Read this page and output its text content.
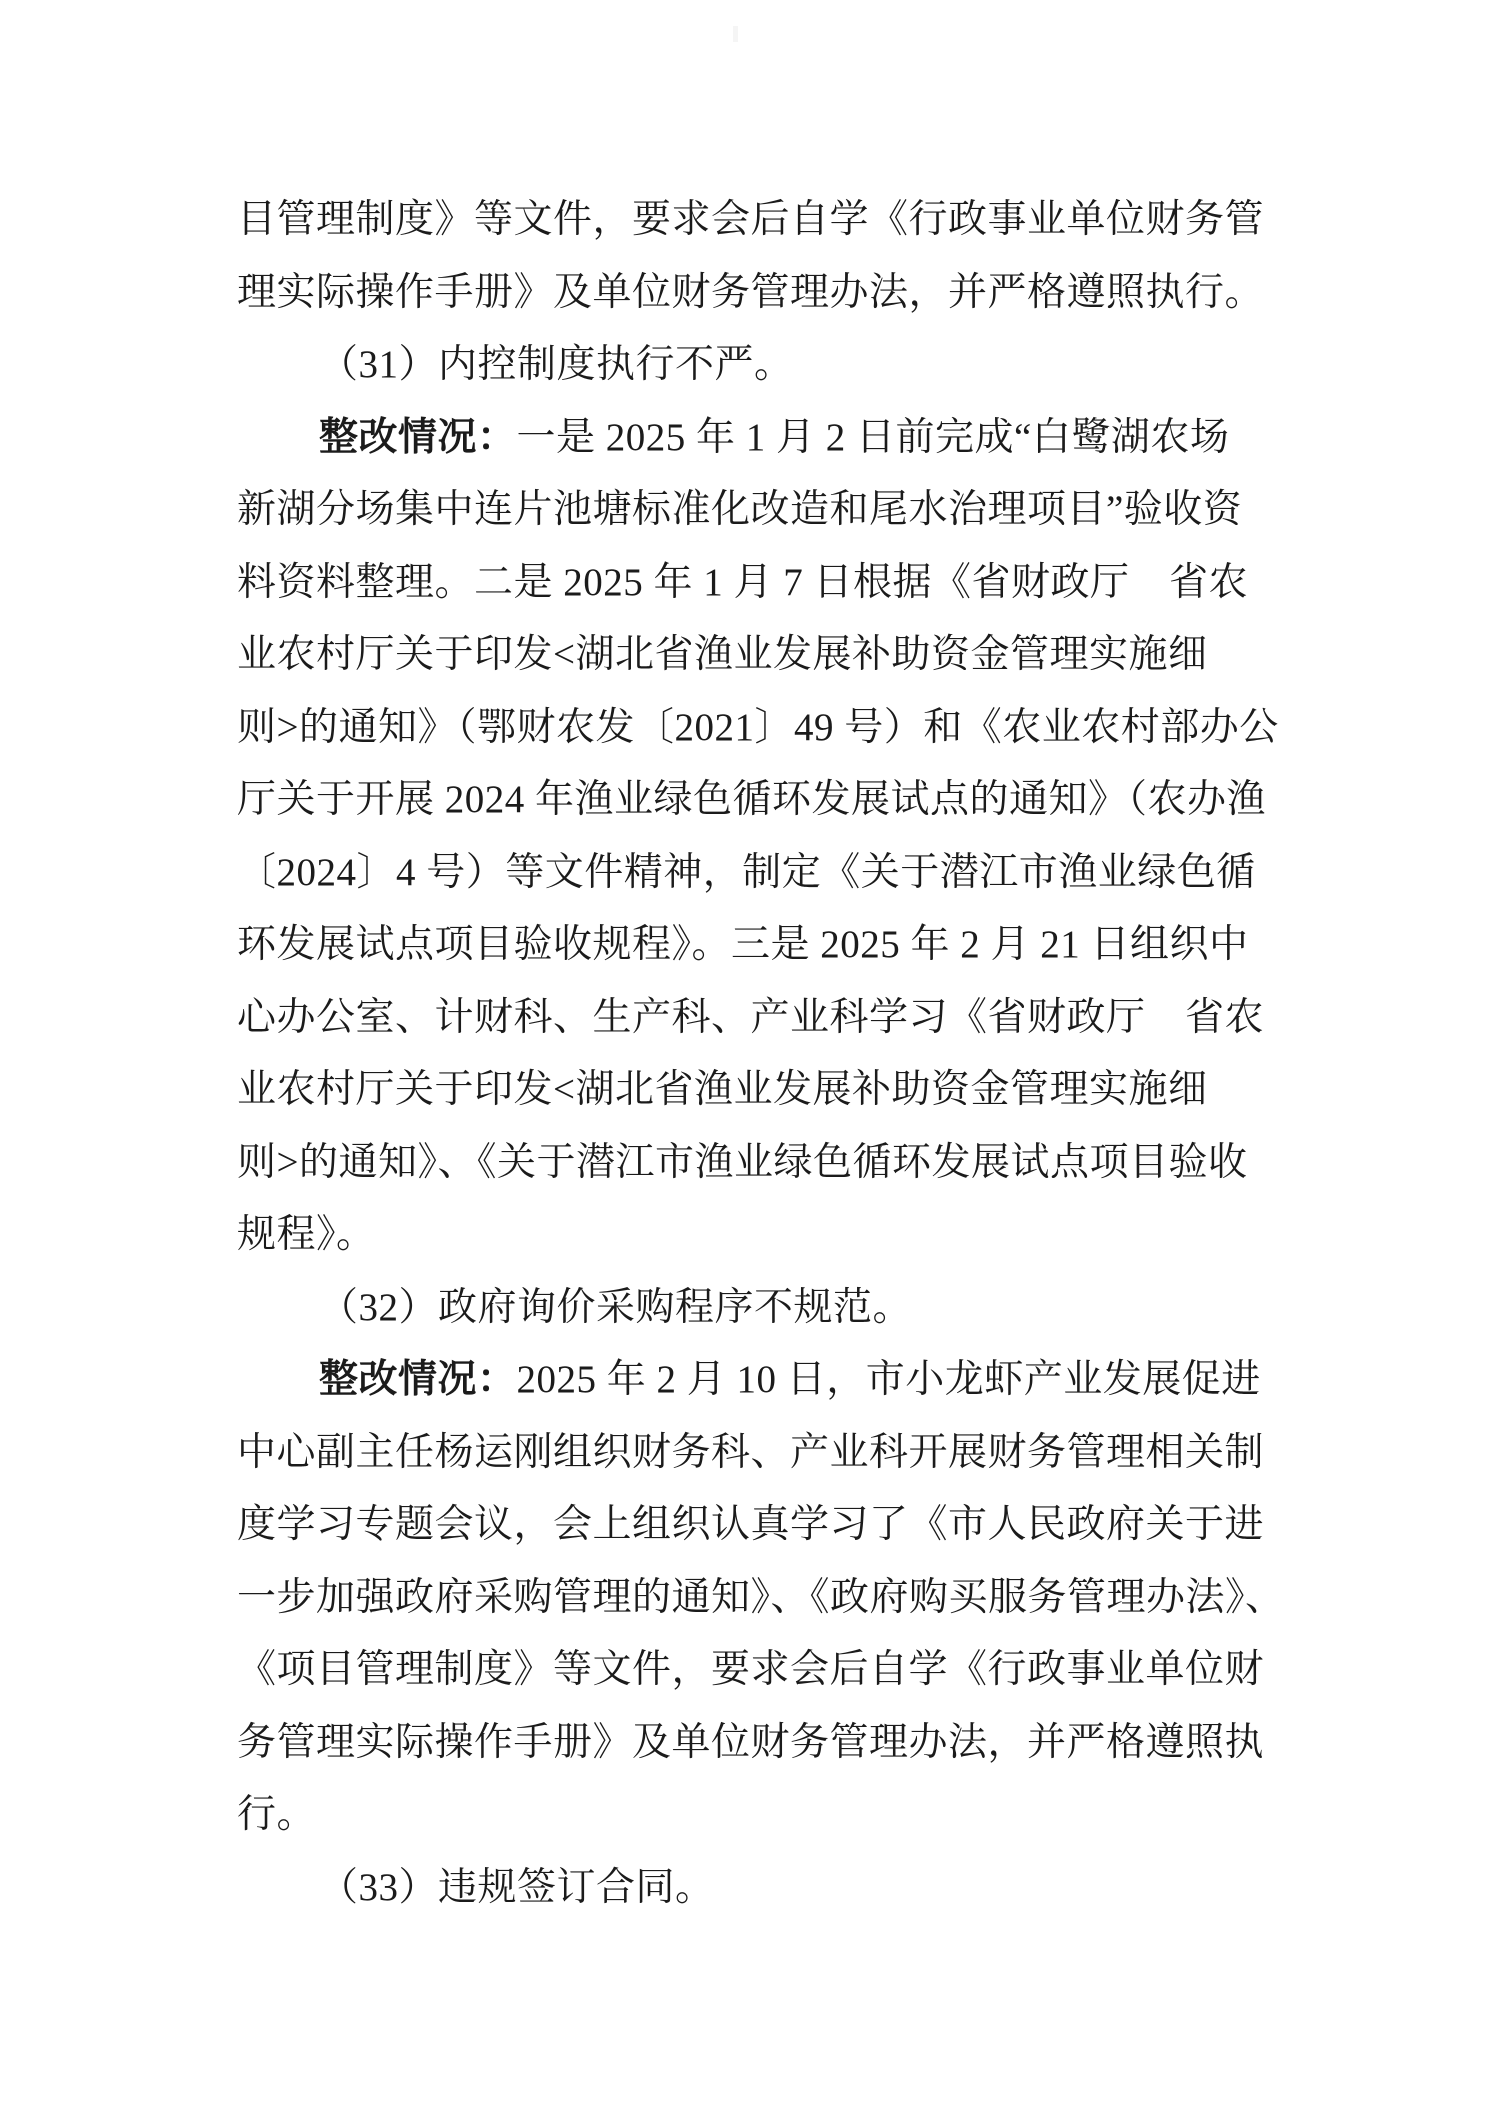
目管理制度》等文件，要求会后自学《行政事业单位财务管
理实际操作手册》及单位财务管理办法，并严格遵照执行。
（31）内控制度执行不严。
整改情况：一是 2025 年 1 月 2 日前完成“白鹭湖农场
新湖分场集中连片池塘标准化改造和尾水治理项目”验收资
料资料整理。二是 2025 年 1 月 7 日根据《省财政厅　省农
业农村厅关于印发<湖北省渔业发展补助资金管理实施细
则>的通知》（鄂财农发〔2021〕49 号）和《农业农村部办公
厅关于开展 2024 年渔业绿色循环发展试点的通知》（农办渔
〔2024〕4 号）等文件精神，制定《关于潜江市渔业绿色循
环发展试点项目验收规程》。三是 2025 年 2 月 21 日组织中
心办公室、计财科、生产科、产业科学习《省财政厅　省农
业农村厅关于印发<湖北省渔业发展补助资金管理实施细
则>的通知》、《关于潜江市渔业绿色循环发展试点项目验收
规程》。
（32）政府询价采购程序不规范。
整改情况：2025 年 2 月 10 日，市小龙虾产业发展促进
中心副主任杨运刚组织财务科、产业科开展财务管理相关制
度学习专题会议，会上组织认真学习了《市人民政府关于进
一步加强政府采购管理的通知》、《政府购买服务管理办法》、
《项目管理制度》等文件，要求会后自学《行政事业单位财
务管理实际操作手册》及单位财务管理办法，并严格遵照执
行。
（33）违规签订合同。
